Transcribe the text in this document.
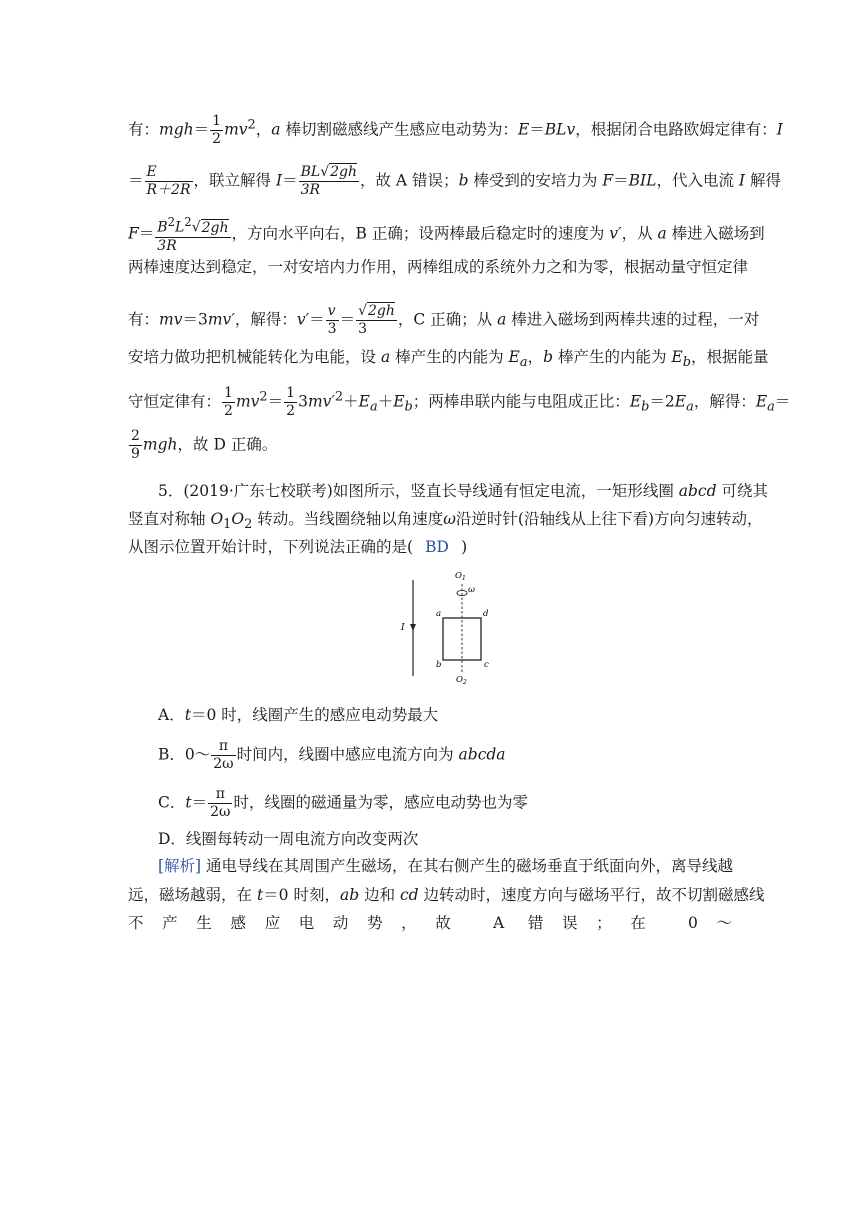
有：$mgh= \frac{1}{2} mv^2$，a 棒切割磁感线产生感应电动势为：E＝BLv，根据闭合电路欧姆定律有：I
＝ $\frac{E}{R+2R}$ ，联立解得 $I= \frac{BL√2gh}{3R}$ ，故 A 错误；b 棒受到的安培力为 F＝BIL，代入电流 I 解得
$F= \frac{B^2L^2√2gh}{3R}$ ，方向水平向右，B 正确；设两棒最后稳定时的速度为 v′，从 a 棒进入磁场到
两棒速度达到稳定，一对安培内力作用，两棒组成的系统外力之和为零，根据动量守恒定律
有：mv＝3mv′，解得：$v'= \frac{v}{3} = \frac{√2gh}{3}$ ，C 正确；从 a 棒进入磁场到两棒共速的过程，一对
安培力做功把机械能转化为电能，设 a 棒产生的内能为 $E_a$，b 棒产生的内能为 $E_b$，根据能量
守恒定律有： $\frac{1}{2} mv^2= \frac{1}{2} 3mv'^2+E_a+E_b$；两棒串联内能与电阻成正比：$E_b=2E_a$，解得：$E_a=$
$\frac{2}{9}$ mgh，故 D 正确。
5．(2019·广东七校联考)如图所示，竖直长导线通有恒定电流，一矩形线圈 abcd 可绕其
竖直对称轴 $O_1O_2$ 转动。当线圈绕轴以角速度ω沿逆时针(沿轴线从上往下看)方向匀速转动，
从图示位置开始计时，下列说法正确的是( BD )
I
$O_1$
ω
a	d
b	c
$O_2$
A．t＝0 时，线圈产生的感应电动势最大
B．0～ $\frac{\pi}{2\omega}$ 时间内，线圈中感应电流方向为 abcda
C．$t= \frac{\pi}{2\omega}$ 时，线圈的磁通量为零，感应电动势也为零
D．线圈每转动一周电流方向改变两次
[解析] 通电导线在其周围产生磁场，在其右侧产生的磁场垂直于纸面向外，离导线越
远，磁场越弱，在 t＝0 时刻，ab 边和 cd 边转动时，速度方向与磁场平行，故不切割磁感线
不产生感应电动势，故 A 错误；在 0～
